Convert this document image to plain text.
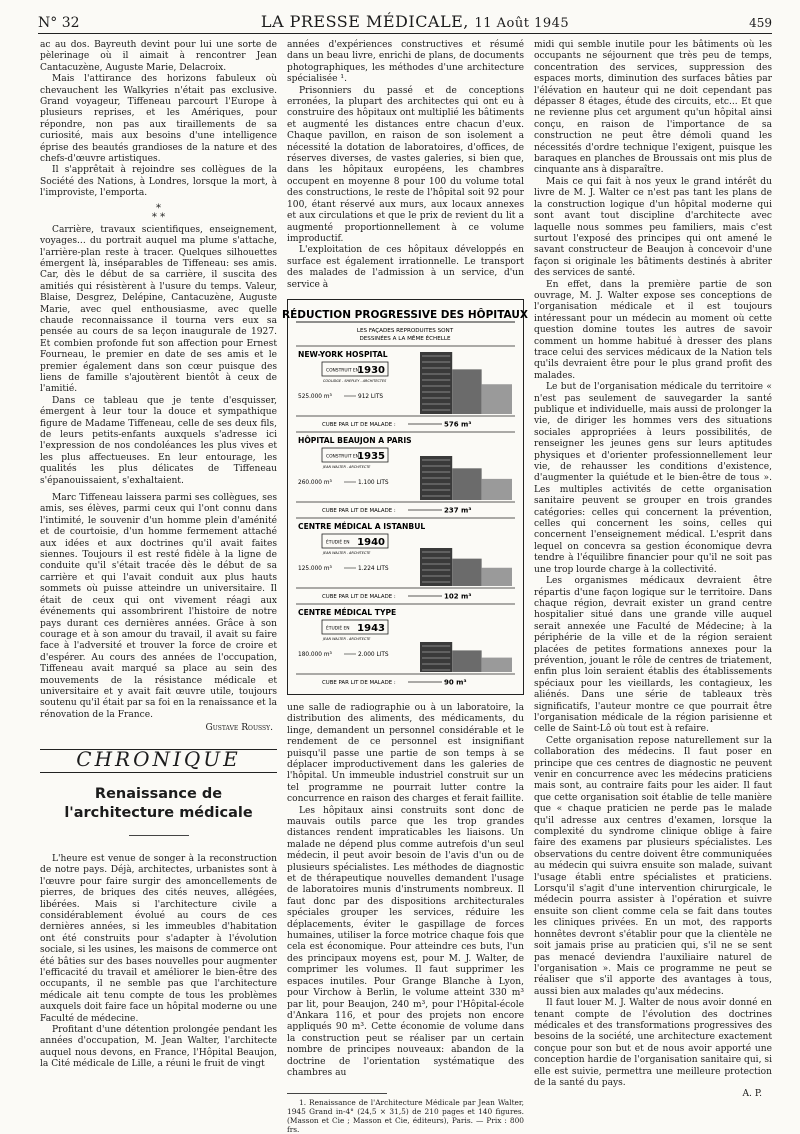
N° 32	LA PRESSE MÉDICALE, 11 Août 1945	459

ac au dos. Bayreuth devint pour lui une sorte de pèlerinage où il aimait à rencontrer Jean Cantacuzène, Auguste Marie, Delacroix.

Mais l'attirance des horizons fabuleux où chevauchent les Walkyries n'était pas exclusive. Grand voyageur, Tiffeneau parcourt l'Europe à plusieurs reprises, et les Amériques, pour répondre, non pas aux tiraillements de sa curiosité, mais aux besoins d'une intelligence éprise des beautés grandioses de la nature et des chefs-d'œuvre artistiques.

Il s'apprêtait à rejoindre ses collègues de la Société des Nations, à Londres, lorsque la mort, à l'improviste, l'emporta.

*
* *

Carrière, travaux scientifiques, enseignement, voyages... du portrait auquel ma plume s'attache, l'arrière-plan reste à tracer. Quelques silhouettes émergent là, inséparables de Tiffeneau: ses amis. Car, dès le début de sa carrière, il suscita des amitiés qui résistèrent à l'usure du temps. Valeur, Blaise, Desgrez, Delépine, Cantacuzène, Auguste Marie, avec quel enthousiasme, avec quelle chaude reconnaissance il tourna vers eux sa pensée au cours de sa leçon inaugurale de 1927. Et combien profonde fut son affection pour Ernest Fourneau, le premier en date de ses amis et le premier également dans son cœur puisque des liens de famille s'ajoutèrent bientôt à ceux de l'amitié.

Dans ce tableau que je tente d'esquisser, émergent à leur tour la douce et sympathique figure de Madame Tiffeneau, celle de ses deux fils, de leurs petits-enfants auxquels s'adresse ici l'expression de nos condoléances les plus vives et les plus affectueuses. En leur entourage, les qualités les plus délicates de Tiffeneau s'épanouissaient, s'exhaltaient.

Marc Tiffeneau laissera parmi ses collègues, ses amis, ses élèves, parmi ceux qui l'ont connu dans l'intimité, le souvenir d'un homme plein d'aménité et de courtoisie, d'un homme fermement attaché aux idées et aux doctrines qu'il avait faites siennes. Toujours il est resté fidèle à la ligne de conduite qu'il s'était tracée dès le début de sa carrière et qui l'avait conduit aux plus hauts sommets où puisse atteindre un universitaire. Il était de ceux qui ont vivement réagi aux événements qui assombrirent l'histoire de notre pays durant ces dernières années. Grâce à son courage et à son amour du travail, il avait su faire face à l'adversité et trouver la force de croire et d'espérer. Au cours des années de l'occupation, Tiffeneau avait marqué sa place au sein des mouvements de la résistance médicale et universitaire et y avait fait œuvre utile, toujours soutenu qu'il était par sa foi en la renaissance et la rénovation de la France.

Gustave Roussy.
CHRONIQUE
Renaissance de l'architecture médicale

L'heure est venue de songer à la reconstruction de notre pays. Déjà, architectes, urbanistes sont à l'œuvre pour faire surgir des amoncellements de pierres, de briques des cités neuves, allégées, libérées. Mais si l'architecture civile a considérablement évolué au cours de ces dernières années, si les immeubles d'habitation ont été construits pour s'adapter à l'évolution sociale, si les usines, les maisons de commerce ont été bâties sur des bases nouvelles pour augmenter l'efficacité du travail et améliorer le bien-être des occupants, il ne semble pas que l'architecture médicale ait tenu compte de tous les problèmes auxquels doit faire face un hôpital moderne ou une Faculté de médecine.

Profitant d'une détention prolongée pendant les années d'occupation, M. Jean Walter, l'architecte auquel nous devons, en France, l'Hôpital Beaujon, la Cité médicale de Lille, a réuni le fruit de vingt

années d'expériences constructives et résumé dans un beau livre, enrichi de plans, de documents photographiques, les méthodes d'une architecture spécialisée ¹.

Prisonniers du passé et de conceptions erronées, la plupart des architectes qui ont eu à construire des hôpitaux ont multiplié les bâtiments et augmenté les distances entre chacun d'eux. Chaque pavillon, en raison de son isolement a nécessité la dotation de laboratoires, d'offices, de réserves diverses, de vastes galeries, si bien que, dans les hôpitaux européens, les chambres occupent en moyenne 8 pour 100 du volume total des constructions, le reste de l'hôpital soit 92 pour 100, étant réservé aux murs, aux locaux annexes et aux circulations et que le prix de revient du lit a augmenté proportionnellement à ce volume improductif.

L'exploitation de ces hôpitaux développés en surface est également irrationnelle. Le transport des malades de l'admission à un service, d'un service à

RÉDUCTION PROGRESSIVE DES HÔPITAUX
LES FAÇADES REPRODUITES SONT
DESSINÉES A LA MÊME ÉCHELLE
NEW-YORK HOSPITAL
CONSTRUIT EN
1930
COOLIDGE - SHEPLEY - ARCHITECTES
525.000 m³	912 LITS
CUBE PAR LIT DE MALADE :	576 m³
HÔPITAL BEAUJON A PARIS
CONSTRUIT EN
1935
JEAN WALTER . ARCHITECTE
260.000 m³	1.100 LITS
CUBE PAR LIT DE MALADE :	237 m³
CENTRE MÉDICAL A ISTANBUL
ÉTUDIÉ EN 1940
JEAN WALTER . ARCHITECTE
125.000 m³	1.224 LITS
CUBE PAR LIT DE MALADE :	102 m³
CENTRE MÉDICAL TYPE
ÉTUDIÉ EN 1943
JEAN WALTER . ARCHITECTE
180.000 m³	2.000 LITS
CUBE PAR LIT DE MALADE :	90 m³

une salle de radiographie ou à un laboratoire, la distribution des aliments, des médicaments, du linge, demandent un personnel considérable et le rendement de ce personnel est insignifiant puisqu'il passe une partie de son temps à se déplacer improductivement dans les galeries de l'hôpital. Un immeuble industriel construit sur un tel programme ne pourrait lutter contre la concurrence en raison des charges et ferait faillite.

Les hôpitaux ainsi construits sont donc de mauvais outils parce que les trop grandes distances rendent impraticables les liaisons. Un malade ne dépend plus comme autrefois d'un seul médecin, il peut avoir besoin de l'avis d'un ou de plusieurs spécialistes. Les méthodes de diagnostic et de thérapeutique nouvelles demandent l'usage de laboratoires munis d'instruments nombreux. Il faut donc par des dispositions architecturales spéciales grouper les services, réduire les déplacements, éviter le gaspillage de forces humaines, utiliser la force motrice chaque fois que cela est économique. Pour atteindre ces buts, l'un des principaux moyens est, pour M. J. Walter, de comprimer les volumes. Il faut supprimer les espaces inutiles. Pour Grange Blanche à Lyon, pour Virchow à Berlin, le volume atteint 330 m³ par lit, pour Beaujon, 240 m³, pour l'Hôpital-école d'Ankara 116, et pour des projets non encore appliqués 90 m³. Cette économie de volume dans la construction peut se réaliser par un certain nombre de principes nouveaux: abandon de la doctrine de l'orientation systématique des chambres au

1. Renaissance de l'Architecture Médicale par Jean Walter, 1945 Grand in-4° (24,5 × 31,5) de 210 pages et 140 figures. (Masson et Cie ; Masson et Cie, éditeurs), Paris. — Prix : 800 frs.

midi qui semble inutile pour les bâtiments où les occupants ne séjournent que très peu de temps, concentration des services, suppression des espaces morts, diminution des surfaces bâties par l'élévation en hauteur qui ne doit cependant pas dépasser 8 étages, étude des circuits, etc... Et que ne revienne plus cet argument qu'un hôpital ainsi conçu, en raison de l'importance de sa construction ne peut être démoli quand les nécessités d'ordre technique l'exigent, puisque les baraques en planches de Broussais ont mis plus de cinquante ans à disparaître.

Mais ce qui fait à nos yeux le grand intérêt du livre de M. J. Walter ce n'est pas tant les plans de la construction logique d'un hôpital moderne qui sont avant tout discipline d'architecte avec laquelle nous sommes peu familiers, mais c'est surtout l'exposé des principes qui ont amené le savant constructeur de Beaujon à concevoir d'une façon si originale les bâtiments destinés à abriter des services de santé.

En effet, dans la première partie de son ouvrage, M. J. Walter expose ses conceptions de l'organisation médicale et il est toujours intéressant pour un médecin au moment où cette question domine toutes les autres de savoir comment un homme habitué à dresser des plans trace celui des services médicaux de la Nation tels qu'ils devraient être pour le plus grand profit des malades.

Le but de l'organisation médicale du territoire « n'est pas seulement de sauvegarder la santé publique et individuelle, mais aussi de prolonger la vie, de diriger les hommes vers des situations sociales appropriées à leurs possibilités, de renseigner les jeunes gens sur leurs aptitudes physiques et d'orienter professionnellement leur vie, de rehausser les conditions d'existence, d'augmenter la quiétude et le bien-être de tous ». Les multiples activités de cette organisation sanitaire peuvent se grouper en trois grandes catégories: celles qui concernent la prévention, celles qui concernent les soins, celles qui concernent l'enseignement médical. L'esprit dans lequel on concevra sa gestion économique devra tendre à l'équilibre financier pour qu'il ne soit pas une trop lourde charge à la collectivité.

Les organismes médicaux devraient être répartis d'une façon logique sur le territoire. Dans chaque région, devrait exister un grand centre hospitalier situé dans une grande ville auquel serait annexée une Faculté de Médecine; à la périphérie de la ville et de la région seraient placées de petites formations annexes pour la prévention, jouant le rôle de centres de triatement, enfin plus loin seraient établis des établissements spéciaux pour les vieillards, les contagieux, les aliénés. Dans une série de tableaux très significatifs, l'auteur montre ce que pourrait être l'organisation médicale de la région parisienne et celle de Saint-Lô où tout est à refaire.

Cette organisation repose naturellement sur la collaboration des médecins. Il faut poser en principe que ces centres de diagnostic ne peuvent venir en concurrence avec les médecins praticiens mais sont, au contraire faits pour les aider. Il faut que cette organisation soit établie de telle manière que « chaque praticien ne perde pas le malade qu'il adresse aux centres d'examen, lorsque la complexité du syndrome clinique oblige à faire faire des examens par plusieurs spécialistes. Les observations du centre doivent être communiquées au médecin qui suivra ensuite son malade, suivant l'usage établi entre spécialistes et praticiens. Lorsqu'il s'agit d'une intervention chirurgicale, le médecin pourra assister à l'opération et suivre ensuite son client comme cela se fait dans toutes les cliniques privées. En un mot, des rapports honnêtes devront s'établir pour que la clientèle ne soit jamais prise au praticien qui, s'il ne se sent pas menacé deviendra l'auxiliaire naturel de l'organisation ». Mais ce programme ne peut se réaliser que s'il apporte des avantages à tous, aussi bien aux malades qu'aux médecins.

Il faut louer M. J. Walter de nous avoir donné en tenant compte de l'évolution des doctrines médicales et des transformations progressives des besoins de la société, une architecture exactement conçue pour son but et de nous avoir apporté une conception hardie de l'organisation sanitaire qui, si elle est suivie, permettra une meilleure protection de la santé du pays.

A. P.
